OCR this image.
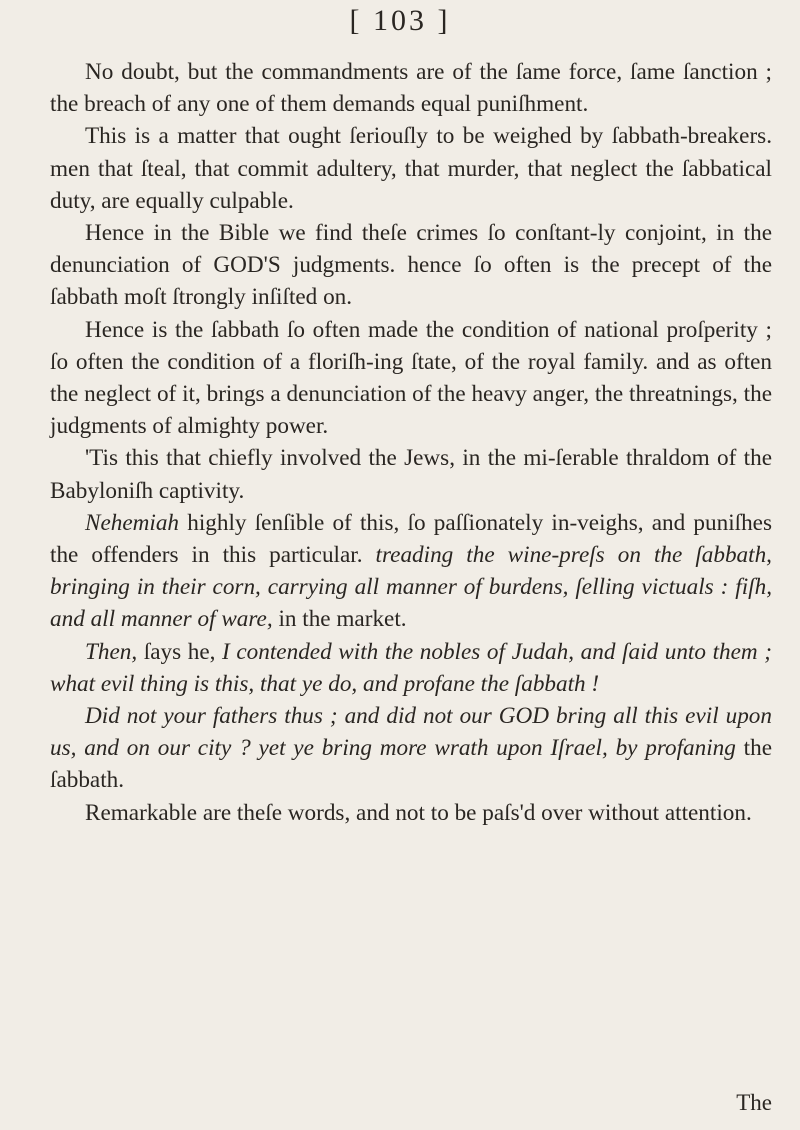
[ 103 ]

No doubt, but the commandments are of the ſame force, ſame ſanction ; the breach of any one of them demands equal puniſhment.

This is a matter that ought ſeriouſly to be weighed by ſabbath-breakers. men that ſteal, that commit adultery, that murder, that neglect the ſabbatical duty, are equally culpable.

Hence in the Bible we find theſe crimes ſo conſtant-ly conjoint, in the denunciation of GOD'S judgments. hence ſo often is the precept of the ſabbath moſt ſtrongly inſiſted on.

Hence is the ſabbath ſo often made the condition of national proſperity ; ſo often the condition of a floriſh-ing ſtate, of the royal family. and as often the neglect of it, brings a denunciation of the heavy anger, the threatnings, the judgments of almighty power.

'Tis this that chiefly involved the Jews, in the mi-ſerable thraldom of the Babyloniſh captivity.

Nehemiah highly ſenſible of this, ſo paſſionately in-veighs, and puniſhes the offenders in this particular. treading the wine-preſs on the ſabbath, bringing in their corn, carrying all manner of burdens, ſelling victuals : fiſh, and all manner of ware, in the market.

Then, ſays he, I contended with the nobles of Judah, and ſaid unto them ; what evil thing is this, that ye do, and profane the ſabbath !

Did not your fathers thus ; and did not our GOD bring all this evil upon us, and on our city ? yet ye bring more wrath upon Iſrael, by profaning the ſabbath.

Remarkable are theſe words, and not to be paſs'd over without attention.

The
